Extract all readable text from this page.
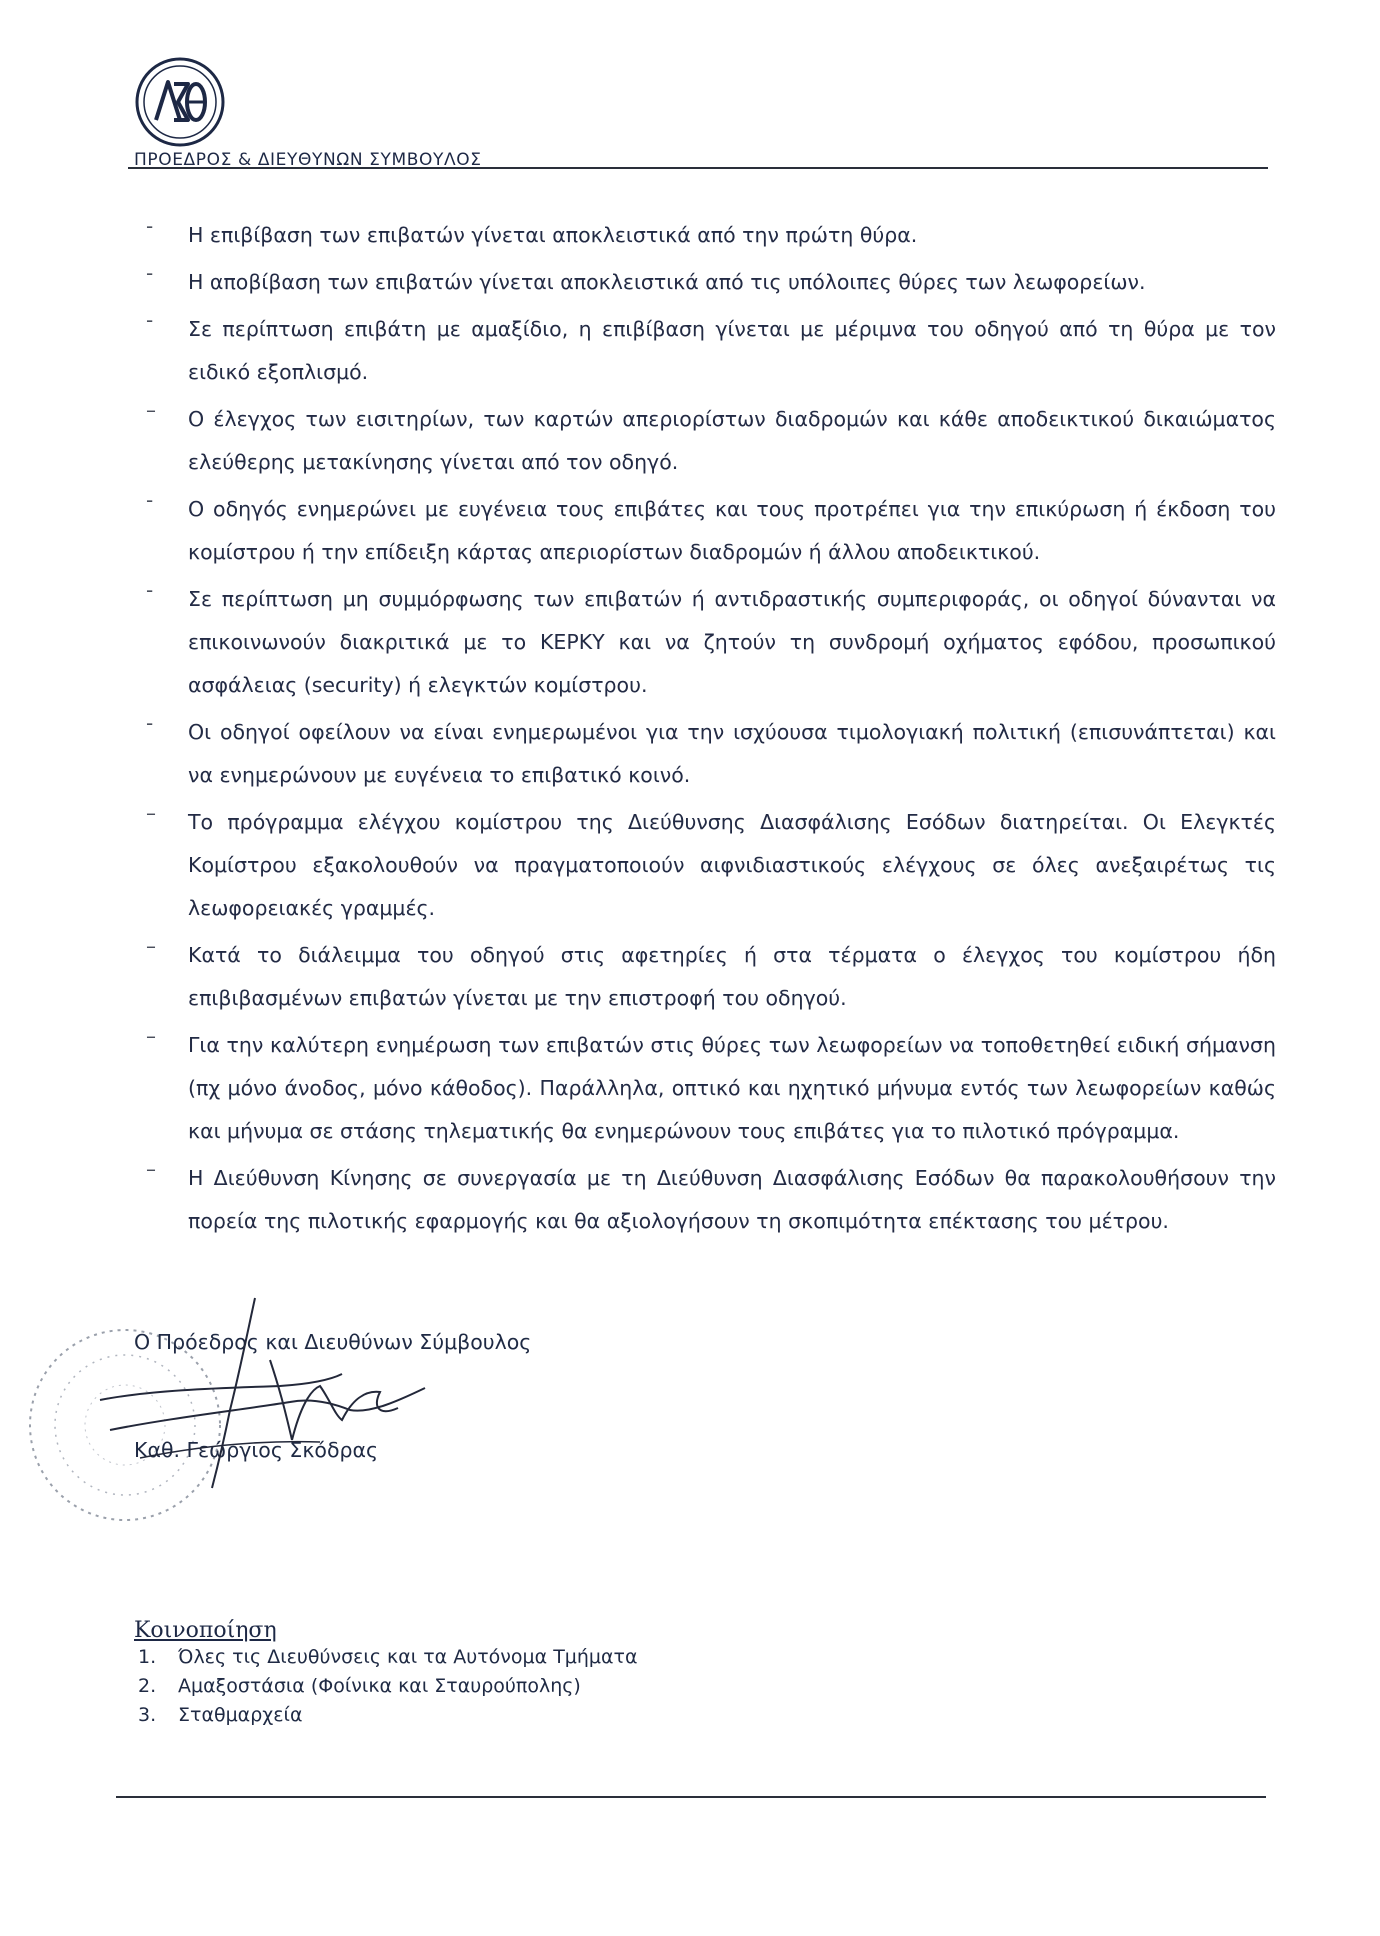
ΠΡΟΕΔΡΟΣ & ΔΙΕΥΘΥΝΩΝ ΣΥΜΒΟΥΛΟΣ
- Η επιβίβαση των επιβατών γίνεται αποκλειστικά από την πρώτη θύρα.
- Η αποβίβαση των επιβατών γίνεται αποκλειστικά από τις υπόλοιπες θύρες των λεωφορείων.
- Σε περίπτωση επιβάτη με αμαξίδιο, η επιβίβαση γίνεται με μέριμνα του οδηγού από τη θύρα με τον ειδικό εξοπλισμό.
– Ο έλεγχος των εισιτηρίων, των καρτών απεριορίστων διαδρομών και κάθε αποδεικτικού δικαιώματος ελεύθερης μετακίνησης γίνεται από τον οδηγό.
- Ο οδηγός ενημερώνει με ευγένεια τους επιβάτες και τους προτρέπει για την επικύρωση ή έκδοση του κομίστρου ή την επίδειξη κάρτας απεριορίστων διαδρομών ή άλλου αποδεικτικού.
- Σε περίπτωση μη συμμόρφωσης των επιβατών ή αντιδραστικής συμπεριφοράς, οι οδηγοί δύνανται να επικοινωνούν διακριτικά με το ΚΕΡΚΥ και να ζητούν τη συνδρομή οχήματος εφόδου, προσωπικού ασφάλειας (security) ή ελεγκτών κομίστρου.
- Οι οδηγοί οφείλουν να είναι ενημερωμένοι για την ισχύουσα τιμολογιακή πολιτική (επισυνάπτεται) και να ενημερώνουν με ευγένεια το επιβατικό κοινό.
– Το πρόγραμμα ελέγχου κομίστρου της Διεύθυνσης Διασφάλισης Εσόδων διατηρείται. Οι Ελεγκτές Κομίστρου εξακολουθούν να πραγματοποιούν αιφνιδιαστικούς ελέγχους σε όλες ανεξαιρέτως τις λεωφορειακές γραμμές.
– Κατά το διάλειμμα του οδηγού στις αφετηρίες ή στα τέρματα ο έλεγχος του κομίστρου ήδη επιβιβασμένων επιβατών γίνεται με την επιστροφή του οδηγού.
– Για την καλύτερη ενημέρωση των επιβατών στις θύρες των λεωφορείων να τοποθετηθεί ειδική σήμανση (πχ μόνο άνοδος, μόνο κάθοδος). Παράλληλα, οπτικό και ηχητικό μήνυμα εντός των λεωφορείων καθώς και μήνυμα σε στάσης τηλεματικής θα ενημερώνουν τους επιβάτες για το πιλοτικό πρόγραμμα.
– Η Διεύθυνση Κίνησης σε συνεργασία με τη Διεύθυνση Διασφάλισης Εσόδων θα παρακολουθήσουν την πορεία της πιλοτικής εφαρμογής και θα αξιολογήσουν τη σκοπιμότητα επέκτασης του μέτρου.
Ο Πρόεδρος και Διευθύνων Σύμβουλος
Καθ. Γεώργιος Σκόδρας
Κοινοποίηση
1. Όλες τις Διευθύνσεις και τα Αυτόνομα Τμήματα
2. Αμαξοστάσια (Φοίνικα και Σταυρούπολης)
3. Σταθμαρχεία
